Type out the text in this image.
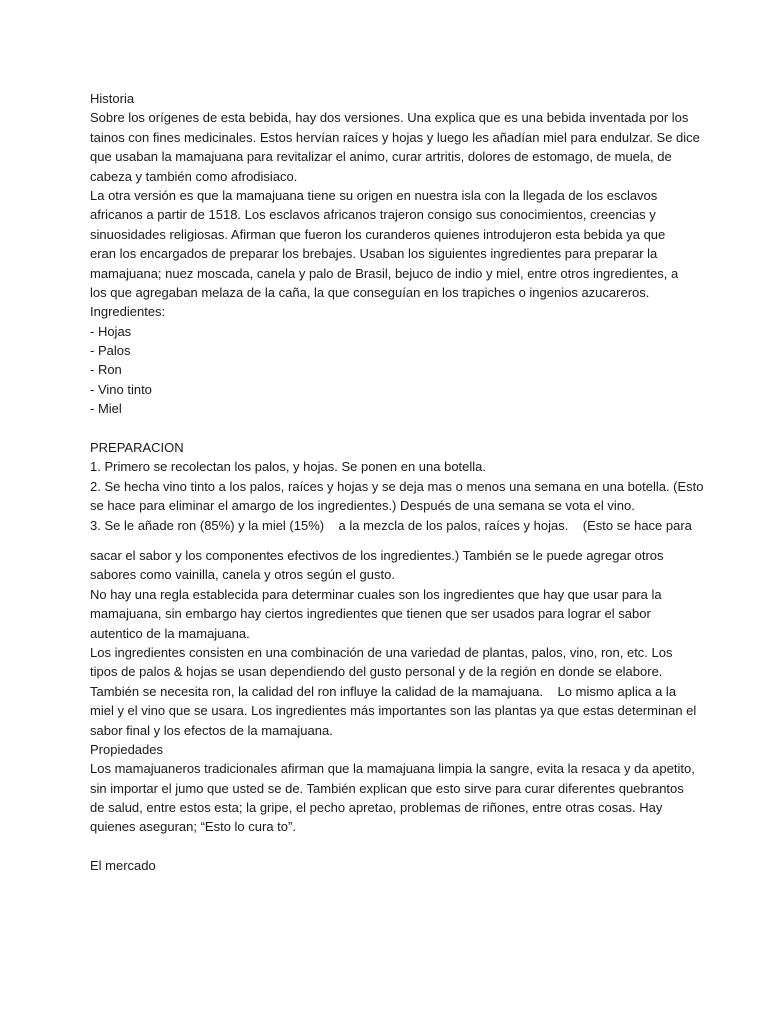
Historia
Sobre los orígenes de esta bebida, hay dos versiones. Una explica que es una bebida inventada por los
tainos con fines medicinales. Estos hervían raíces y hojas y luego les añadían miel para endulzar. Se dice
que usaban la mamajuana para revitalizar el animo, curar artritis, dolores de estomago, de muela, de
cabeza y también como afrodisiaco.
La otra versión es que la mamajuana tiene su origen en nuestra isla con la llegada de los esclavos
africanos a partir de 1518. Los esclavos africanos trajeron consigo sus conocimientos, creencias y
sinuosidades religiosas. Afirman que fueron los curanderos quienes introdujeron esta bebida ya que
eran los encargados de preparar los brebajes. Usaban los siguientes ingredientes para preparar la
mamajuana; nuez moscada, canela y palo de Brasil, bejuco de indio y miel, entre otros ingredientes, a
los que agregaban melaza de la caña, la que conseguían en los trapiches o ingenios azucareros.
Ingredientes:
- Hojas
- Palos
- Ron
- Vino tinto
- Miel
PREPARACION
1. Primero se recolectan los palos, y hojas. Se ponen en una botella.
2. Se hecha vino tinto a los palos, raíces y hojas y se deja mas o menos una semana en una botella. (Esto
se hace para eliminar el amargo de los ingredientes.) Después de una semana se vota el vino.
3. Se le añade ron (85%) y la miel (15%)    a la mezcla de los palos, raíces y hojas.    (Esto se hace para
sacar el sabor y los componentes efectivos de los ingredientes.) También se le puede agregar otros
sabores como vainilla, canela y otros según el gusto.
No hay una regla establecida para determinar cuales son los ingredientes que hay que usar para la
mamajuana, sin embargo hay ciertos ingredientes que tienen que ser usados para lograr el sabor
autentico de la mamajuana.
Los ingredientes consisten en una combinación de una variedad de plantas, palos, vino, ron, etc. Los
tipos de palos & hojas se usan dependiendo del gusto personal y de la región en donde se elabore.
También se necesita ron, la calidad del ron influye la calidad de la mamajuana.    Lo mismo aplica a la
miel y el vino que se usara. Los ingredientes más importantes son las plantas ya que estas determinan el
sabor final y los efectos de la mamajuana.
Propiedades
Los mamajuaneros tradicionales afirman que la mamajuana limpia la sangre, evita la resaca y da apetito,
sin importar el jumo que usted se de. También explican que esto sirve para curar diferentes quebrantos
de salud, entre estos esta; la gripe, el pecho apretao, problemas de riñones, entre otras cosas. Hay
quienes aseguran; “Esto lo cura to”.
El mercado
